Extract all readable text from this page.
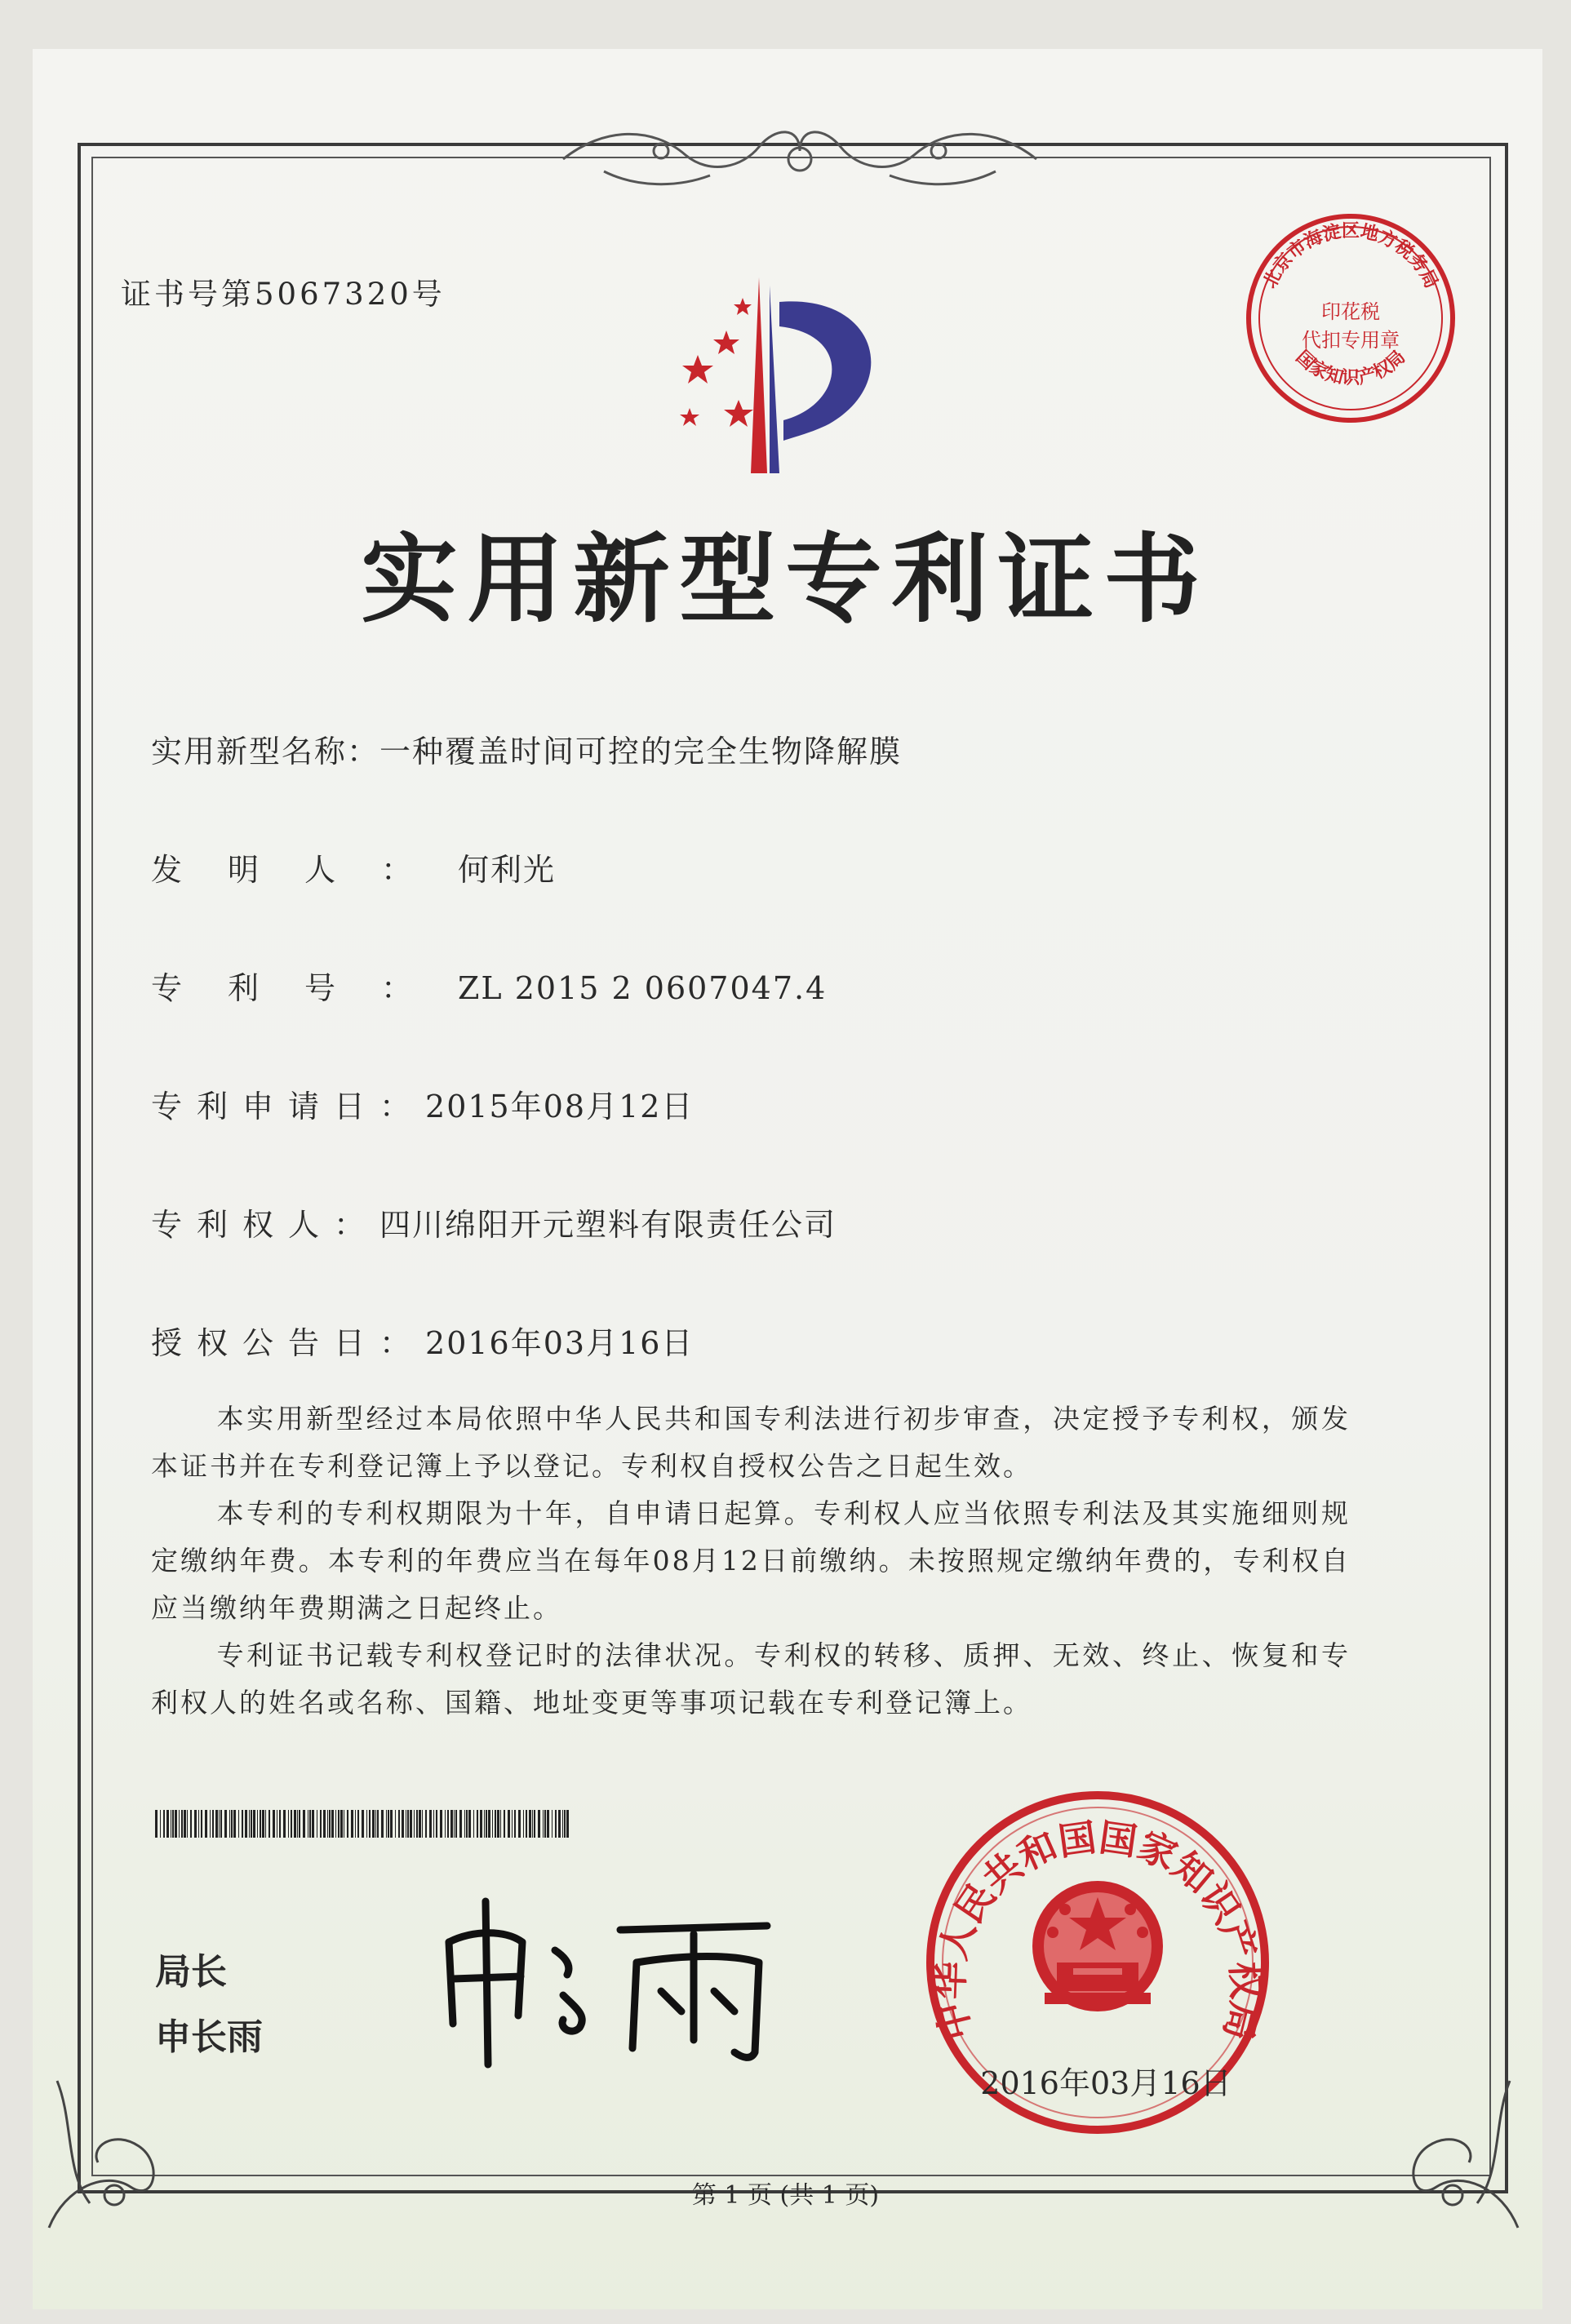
证书号第5067320号	北京市海淀区地方税务局
国家知识产权局
印花税
代扣专用章
实用新型专利证书
实用新型名称：一种覆盖时间可控的完全生物降解膜
发明人：何利光
专利号：ZL 2015 2 0607047.4
专利申请日：2015年08月12日
专利权人：四川绵阳开元塑料有限责任公司
授权公告日：2016年03月16日
本实用新型经过本局依照中华人民共和国专利法进行初步审查，决定授予专利权，颁发本证书并在专利登记簿上予以登记。专利权自授权公告之日起生效。
本专利的专利权期限为十年，自申请日起算。专利权人应当依照专利法及其实施细则规定缴纳年费。本专利的年费应当在每年08月12日前缴纳。未按照规定缴纳年费的，专利权自应当缴纳年费期满之日起终止。
专利证书记载专利权登记时的法律状况。专利权的转移、质押、无效、终止、恢复和专利权人的姓名或名称、国籍、地址变更等事项记载在专利登记簿上。
局长
申长雨	中华人民共和国国家知识产权局
2016年03月16日
第 1 页 (共 1 页)
